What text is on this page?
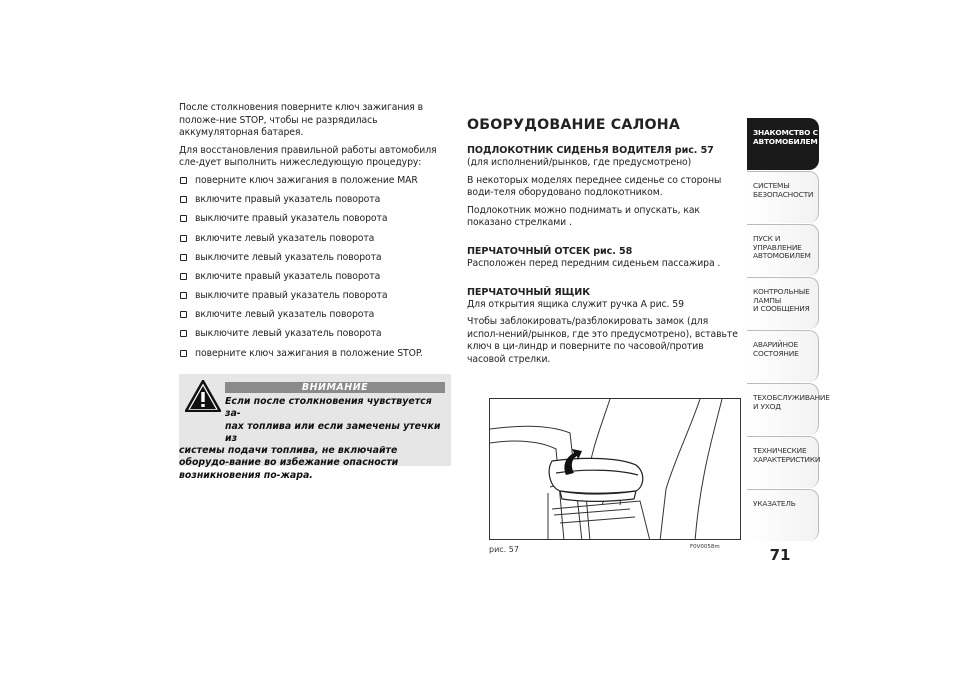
После столкновения поверните ключ зажигания в положе-ние STOP, чтобы не разрядилась аккумуляторная батарея.

Для восстановления правильной работы автомобиля сле-дует выполнить нижеследующую процедуру:

поверните ключ зажигания в положение MAR
включите правый указатель поворота
выключите правый указатель поворота
включите левый указатель поворота
выключите левый указатель поворота
включите правый указатель поворота
выключите правый указатель поворота
включите левый указатель поворота
выключите левый указатель поворота
поверните ключ зажигания в положение STOP.
ВНИМАНИЕ
Если после столкновения чувствуется за-
пах топлива или если замечены утечки из
системы подачи топлива, не включайте оборудо-вание во избежание опасности возникновения по-жара.
ОБОРУДОВАНИЕ САЛОНА
ПОДЛОКОТНИК СИДЕНЬЯ ВОДИТЕЛЯ рис. 57

(для исполнений/рынков, где предусмотрено)

В некоторых моделях переднее сиденье со стороны води-теля оборудовано подлокотником.

Подлокотник можно поднимать и опускать, как показано стрелками .

ПЕРЧАТОЧНЫЙ ОТСЕК рис. 58

Расположен перед передним сиденьем пассажира .

ПЕРЧАТОЧНЫЙ ЯЩИК

Для открытия ящика служит ручка A рис. 59

Чтобы заблокировать/разблокировать замок (для испол-нений/рынков, где это предусмотрено), вставьте ключ в ци-линдр и поверните по часовой/против часовой стрелки.

рис. 57	F0V0058m	71
ЗНАКОМСТВО С
АВТОМОБИЛЕМ
СИСТЕМЫ
БЕЗОПАСНОСТИ
ПУСК И УПРАВЛЕНИЕ
АВТОМОБИЛЕМ
КОНТРОЛЬНЫЕ
ЛАМПЫ
И СООБЩЕНИЯ
АВАРИЙНОЕ
СОСТОЯНИЕ
ТЕХОБСЛУЖИВАНИЕ
И УХОД
ТЕХНИЧЕСКИЕ
ХАРАКТЕРИСТИКИ
УКАЗАТЕЛЬ
